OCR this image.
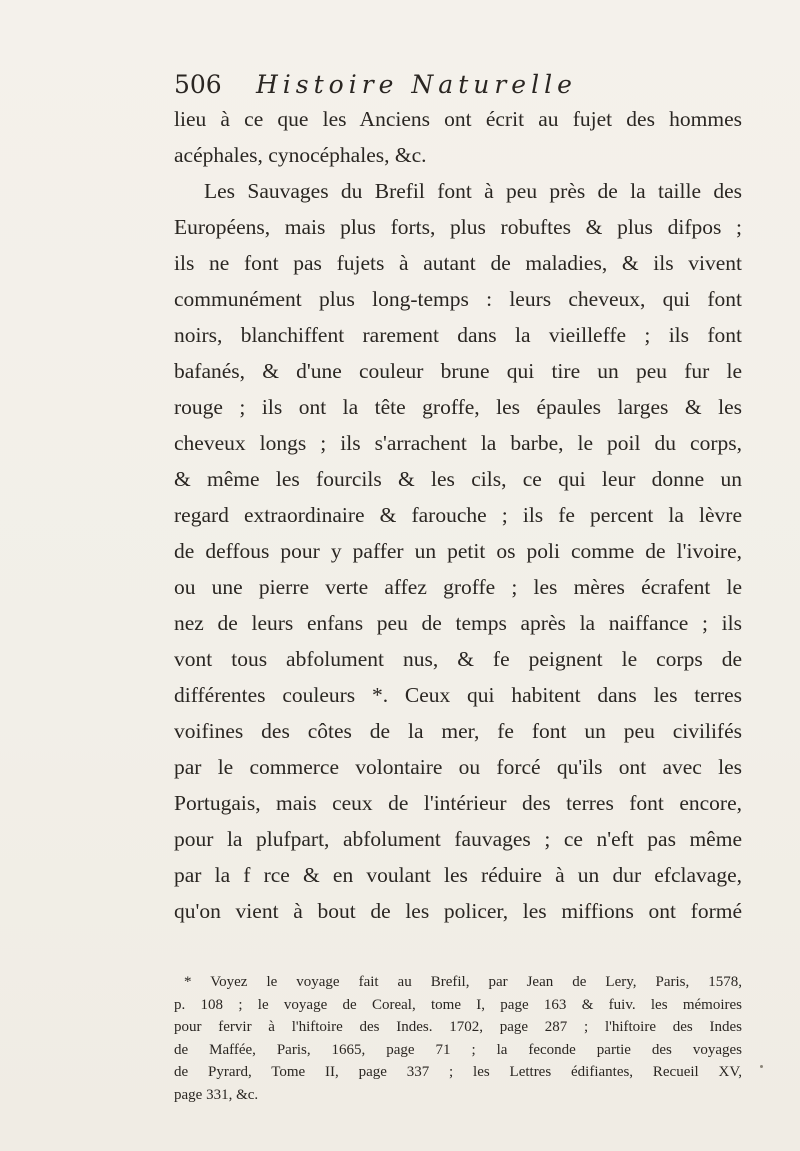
506 Histoire Naturelle
lieu à ce que les Anciens ont écrit au fujet des hommes
acéphales, cynocéphales, &c.
Les Sauvages du Brefil font à peu près de la taille des
Européens, mais plus forts, plus robuftes & plus difpos ;
ils ne font pas fujets à autant de maladies, & ils vivent
communément plus long-temps : leurs cheveux, qui font
noirs, blanchiffent rarement dans la vieilleffe ; ils font
bafanés, & d'une couleur brune qui tire un peu fur le
rouge ; ils ont la tête groffe, les épaules larges & les
cheveux longs ; ils s'arrachent la barbe, le poil du corps,
& même les fourcils & les cils, ce qui leur donne un
regard extraordinaire & farouche ; ils fe percent la lèvre
de deffous pour y paffer un petit os poli comme de l'ivoire,
ou une pierre verte affez groffe ; les mères écrafent le
nez de leurs enfans peu de temps après la naiffance ; ils
vont tous abfolument nus, & fe peignent le corps de
différentes couleurs *. Ceux qui habitent dans les terres
voifines des côtes de la mer, fe font un peu civilifés
par le commerce volontaire ou forcé qu'ils ont avec les
Portugais, mais ceux de l'intérieur des terres font encore,
pour la plufpart, abfolument fauvages ; ce n'eft pas même
par la f rce & en voulant les réduire à un dur efclavage,
qu'on vient à bout de les policer, les miffions ont formé
* Voyez le voyage fait au Brefil, par Jean de Lery, Paris, 1578,
p. 108 ; le voyage de Coreal, tome I, page 163 & fuiv. les mémoires
pour fervir à l'hiftoire des Indes. 1702, page 287 ; l'hiftoire des Indes
de Maffée, Paris, 1665, page 71 ; la feconde partie des voyages
de Pyrard, Tome II, page 337 ; les Lettres édifiantes, Recueil XV,
page 331, &c.
